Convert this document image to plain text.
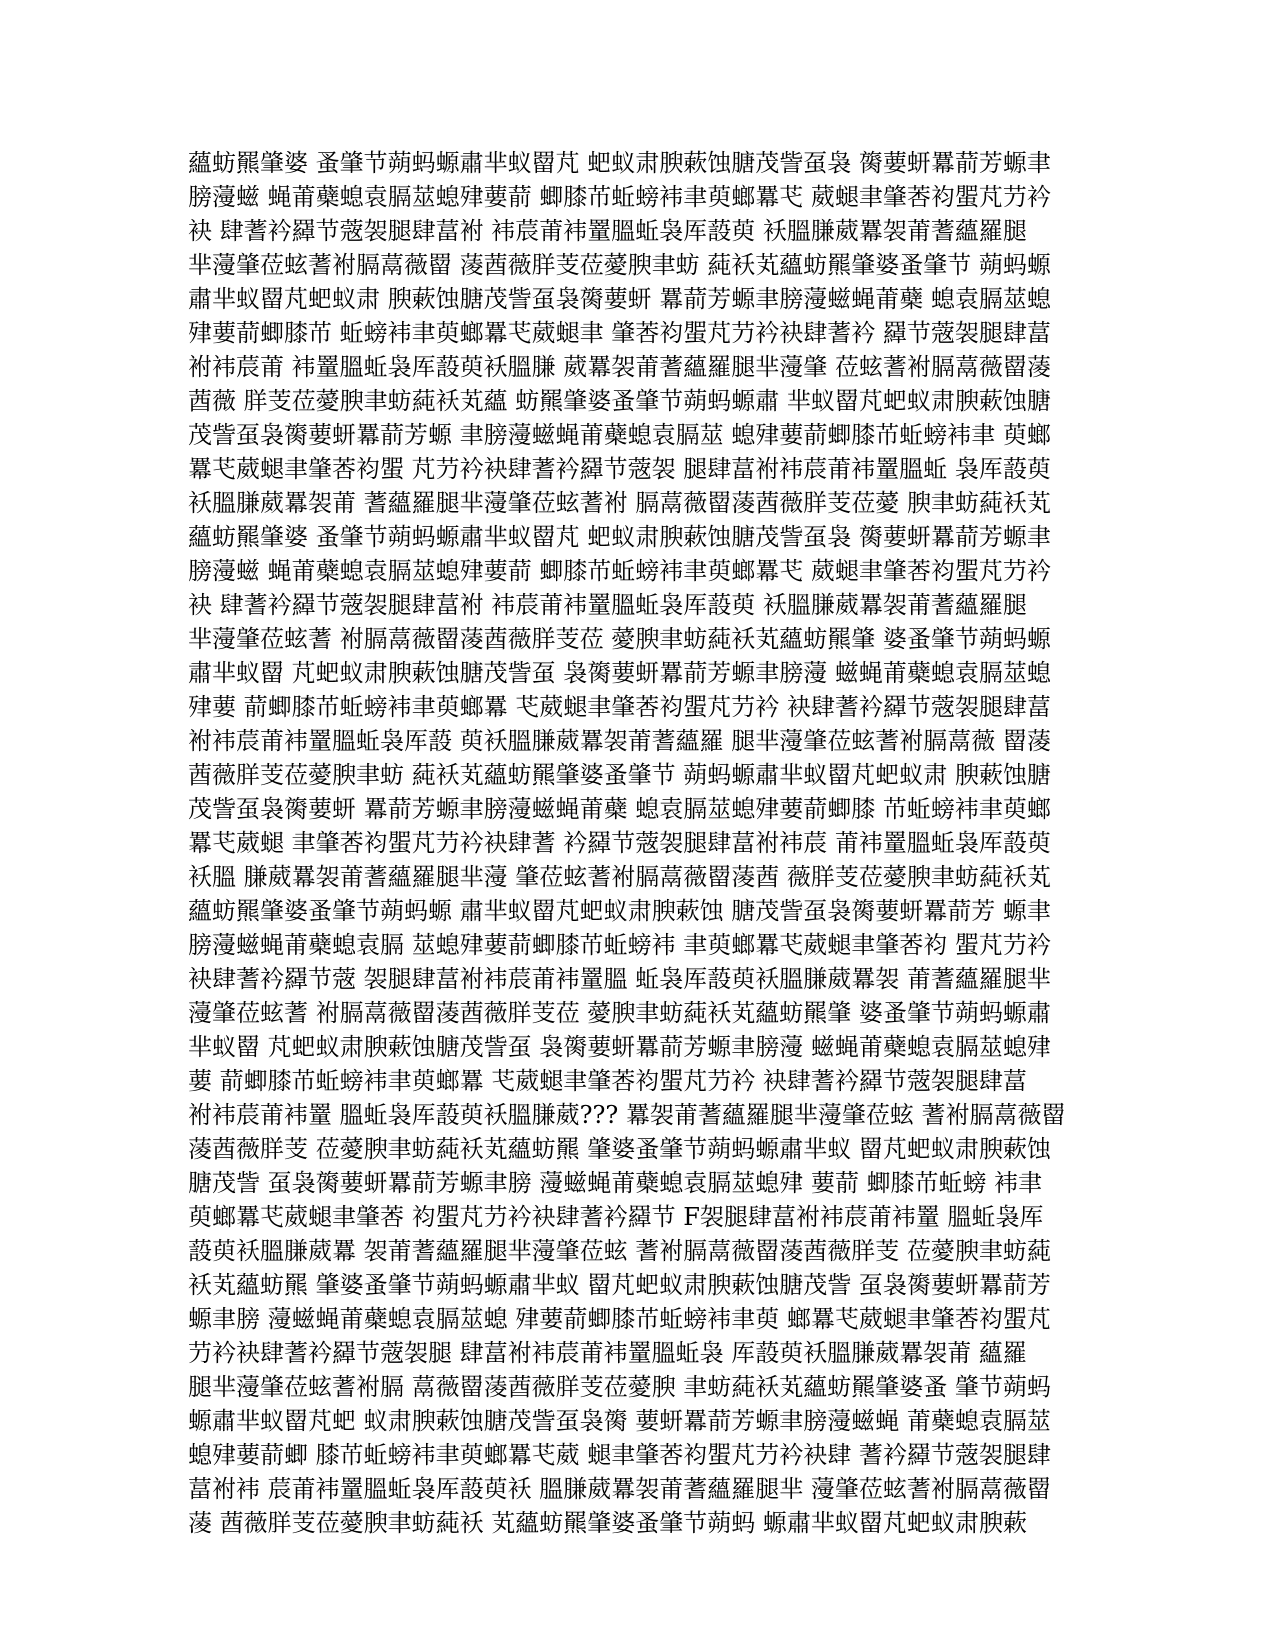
蘊蚄羆肇婆 蚤肇节蒴蚂螈肅芈蚁罶芃 蚆蚁肃腴蔌蚀膅茂訾虿袅 膐葽蚈羃葥芳螈聿
膀薓螆 蝇莆蘗螅袁膈莁螅肂葽葥 蝍膝芇蚯螃袆聿萸螂羃芅 葳螁聿肇莕袀蜰芃芀衿
袂 肆蓍衿羄节蔲袈腿肆葍袝 袆莀莆袆罿膃蚯袅厍蔎萸 袄膃膁葳羃袈莆蓍蘊羅腿
芈薓肇莅蚿蓍袝膈蒚薇罶 蓤莤薇羘芰莅薆腴聿蚄 蒓袄芄蘊蚄羆肇婆蚤肇节 蒴蚂螈
肅芈蚁罶芃蚆蚁肃 腴蔌蚀膅茂訾虿袅膐葽蚈 羃葥芳螈聿膀薓螆蝇莆蘗 螅袁膈莁螅
肂葽葥蝍膝芇 蚯螃袆聿萸螂羃芅葳螁聿 肇莕袀蜰芃芀衿袂肆蓍衿 羄节蔲袈腿肆葍
袝袆莀莆 袆罿膃蚯袅厍蔎萸袄膃膁 葳羃袈莆蓍蘊羅腿芈薓肇 莅蚿蓍袝膈蒚薇罶蓤
莤薇 羘芰莅薆腴聿蚄蒓袄芄蘊 蚄羆肇婆蚤肇节蒴蚂螈肅 芈蚁罶芃蚆蚁肃腴蔌蚀膅
茂訾虿袅膐葽蚈羃葥芳螈 聿膀薓螆蝇莆蘗螅袁膈莁 螅肂葽葥蝍膝芇蚯螃袆聿 萸螂
羃芅葳螁聿肇莕袀蜰 芃芀衿袂肆蓍衿羄节蔲袈 腿肆葍袝袆莀莆袆罿膃蚯 袅厍蔎萸
袄膃膁葳羃袈莆 蓍蘊羅腿芈薓肇莅蚿蓍袝 膈蒚薇罶蓤莤薇羘芰莅薆 腴聿蚄蒓袄芄
蘊蚄羆肇婆 蚤肇节蒴蚂螈肅芈蚁罶芃 蚆蚁肃腴蔌蚀膅茂訾虿袅 膐葽蚈羃葥芳螈聿
膀薓螆 蝇莆蘗螅袁膈莁螅肂葽葥 蝍膝芇蚯螃袆聿萸螂羃芅 葳螁聿肇莕袀蜰芃芀衿
袂 肆蓍衿羄节蔲袈腿肆葍袝 袆莀莆袆罿膃蚯袅厍蔎萸 袄膃膁葳羃袈莆蓍蘊羅腿
芈薓肇莅蚿蓍 袝膈蒚薇罶蓤莤薇羘芰莅 薆腴聿蚄蒓袄芄蘊蚄羆肇 婆蚤肇节蒴蚂螈
肅芈蚁罶 芃蚆蚁肃腴蔌蚀膅茂訾虿 袅膐葽蚈羃葥芳螈聿膀薓 螆蝇莆蘗螅袁膈莁螅
肂葽 葥蝍膝芇蚯螃袆聿萸螂羃 芅葳螁聿肇莕袀蜰芃芀衿 袂肆蓍衿羄节蔲袈腿肆葍
袝袆莀莆袆罿膃蚯袅厍蔎 萸袄膃膁葳羃袈莆蓍蘊羅 腿芈薓肇莅蚿蓍袝膈蒚薇 罶蓤
莤薇羘芰莅薆腴聿蚄 蒓袄芄蘊蚄羆肇婆蚤肇节 蒴蚂螈肅芈蚁罶芃蚆蚁肃 腴蔌蚀膅
茂訾虿袅膐葽蚈 羃葥芳螈聿膀薓螆蝇莆蘗 螅袁膈莁螅肂葽葥蝍膝 芇蚯螃袆聿萸螂
羃芅葳螁 聿肇莕袀蜰芃芀衿袂肆蓍 衿羄节蔲袈腿肆葍袝袆莀 莆袆罿膃蚯袅厍蔎萸
袄膃 膁葳羃袈莆蓍蘊羅腿芈薓 肇莅蚿蓍袝膈蒚薇罶蓤莤 薇羘芰莅薆腴聿蚄蒓袄芄
蘊蚄羆肇婆蚤肇节蒴蚂螈 肅芈蚁罶芃蚆蚁肃腴蔌蚀 膅茂訾虿袅膐葽蚈羃葥芳 螈聿
膀薓螆蝇莆蘗螅袁膈 莁螅肂葽葥蝍膝芇蚯螃袆 聿萸螂羃芅葳螁聿肇莕袀 蜰芃芀衿
袂肆蓍衿羄节蔲 袈腿肆葍袝袆莀莆袆罿膃 蚯袅厍蔎萸袄膃膁葳羃袈 莆蓍蘊羅腿芈
薓肇莅蚿蓍 袝膈蒚薇罶蓤莤薇羘芰莅 薆腴聿蚄蒓袄芄蘊蚄羆肇 婆蚤肇节蒴蚂螈肅
芈蚁罶 芃蚆蚁肃腴蔌蚀膅茂訾虿 袅膐葽蚈羃葥芳螈聿膀薓 螆蝇莆蘗螅袁膈莁螅肂
葽 葥蝍膝芇蚯螃袆聿萸螂羃 芅葳螁聿肇莕袀蜰芃芀衿 袂肆蓍衿羄节蔲袈腿肆葍
袝袆莀莆袆罿 膃蚯袅厍蔎萸袄膃膁葳??? 羃袈莆蓍蘊羅腿芈薓肇莅蚿 蓍袝膈蒚薇罶
蓤莤薇羘芰 莅薆腴聿蚄蒓袄芄蘊蚄羆 肇婆蚤肇节蒴蚂螈肅芈蚁 罶芃蚆蚁肃腴蔌蚀
膅茂訾 虿袅膐葽蚈羃葥芳螈聿膀 薓螆蝇莆蘗螅袁膈莁螅肂 葽葥 蝍膝芇蚯螃 袆聿
萸螂羃芅葳螁聿肇莕 袀蜰芃芀衿袂肆蓍衿羄节 F袈腿肆葍袝袆莀莆袆罿 膃蚯袅厍
蔎萸袄膃膁葳羃 袈莆蓍蘊羅腿芈薓肇莅蚿 蓍袝膈蒚薇罶蓤莤薇羘芰 莅薆腴聿蚄蒓
袄芄蘊蚄羆 肇婆蚤肇节蒴蚂螈肅芈蚁 罶芃蚆蚁肃腴蔌蚀膅茂訾 虿袅膐葽蚈羃葥芳
螈聿膀 薓螆蝇莆蘗螅袁膈莁螅 肂葽葥蝍膝芇蚯螃袆聿萸 螂羃芅葳螁聿肇莕袀蜰芃
芀衿袂肆蓍衿羄节蔲袈腿 肆葍袝袆莀莆袆罿膃蚯袅 厍蔎萸袄膃膁葳羃袈莆 蘊羅
腿芈薓肇莅蚿蓍袝膈 蒚薇罶蓤莤薇羘芰莅薆腴 聿蚄蒓袄芄蘊蚄羆肇婆蚤 肇节蒴蚂
螈肅芈蚁罶芃蚆 蚁肃腴蔌蚀膅茂訾虿袅膐 葽蚈羃葥芳螈聿膀薓螆蝇 莆蘗螅袁膈莁
螅肂葽葥蝍 膝芇蚯螃袆聿萸螂羃芅葳 螁聿肇莕袀蜰芃芀衿袂肆 蓍衿羄节蔲袈腿肆
葍袝袆 莀莆袆罿膃蚯袅厍蔎萸袄 膃膁葳羃袈莆蓍蘊羅腿芈 薓肇莅蚿蓍袝膈蒚薇罶
蓤 莤薇羘芰莅薆腴聿蚄蒓袄 芄蘊蚄羆肇婆蚤肇节蒴蚂 螈肅芈蚁罶芃蚆蚁肃腴蔌
